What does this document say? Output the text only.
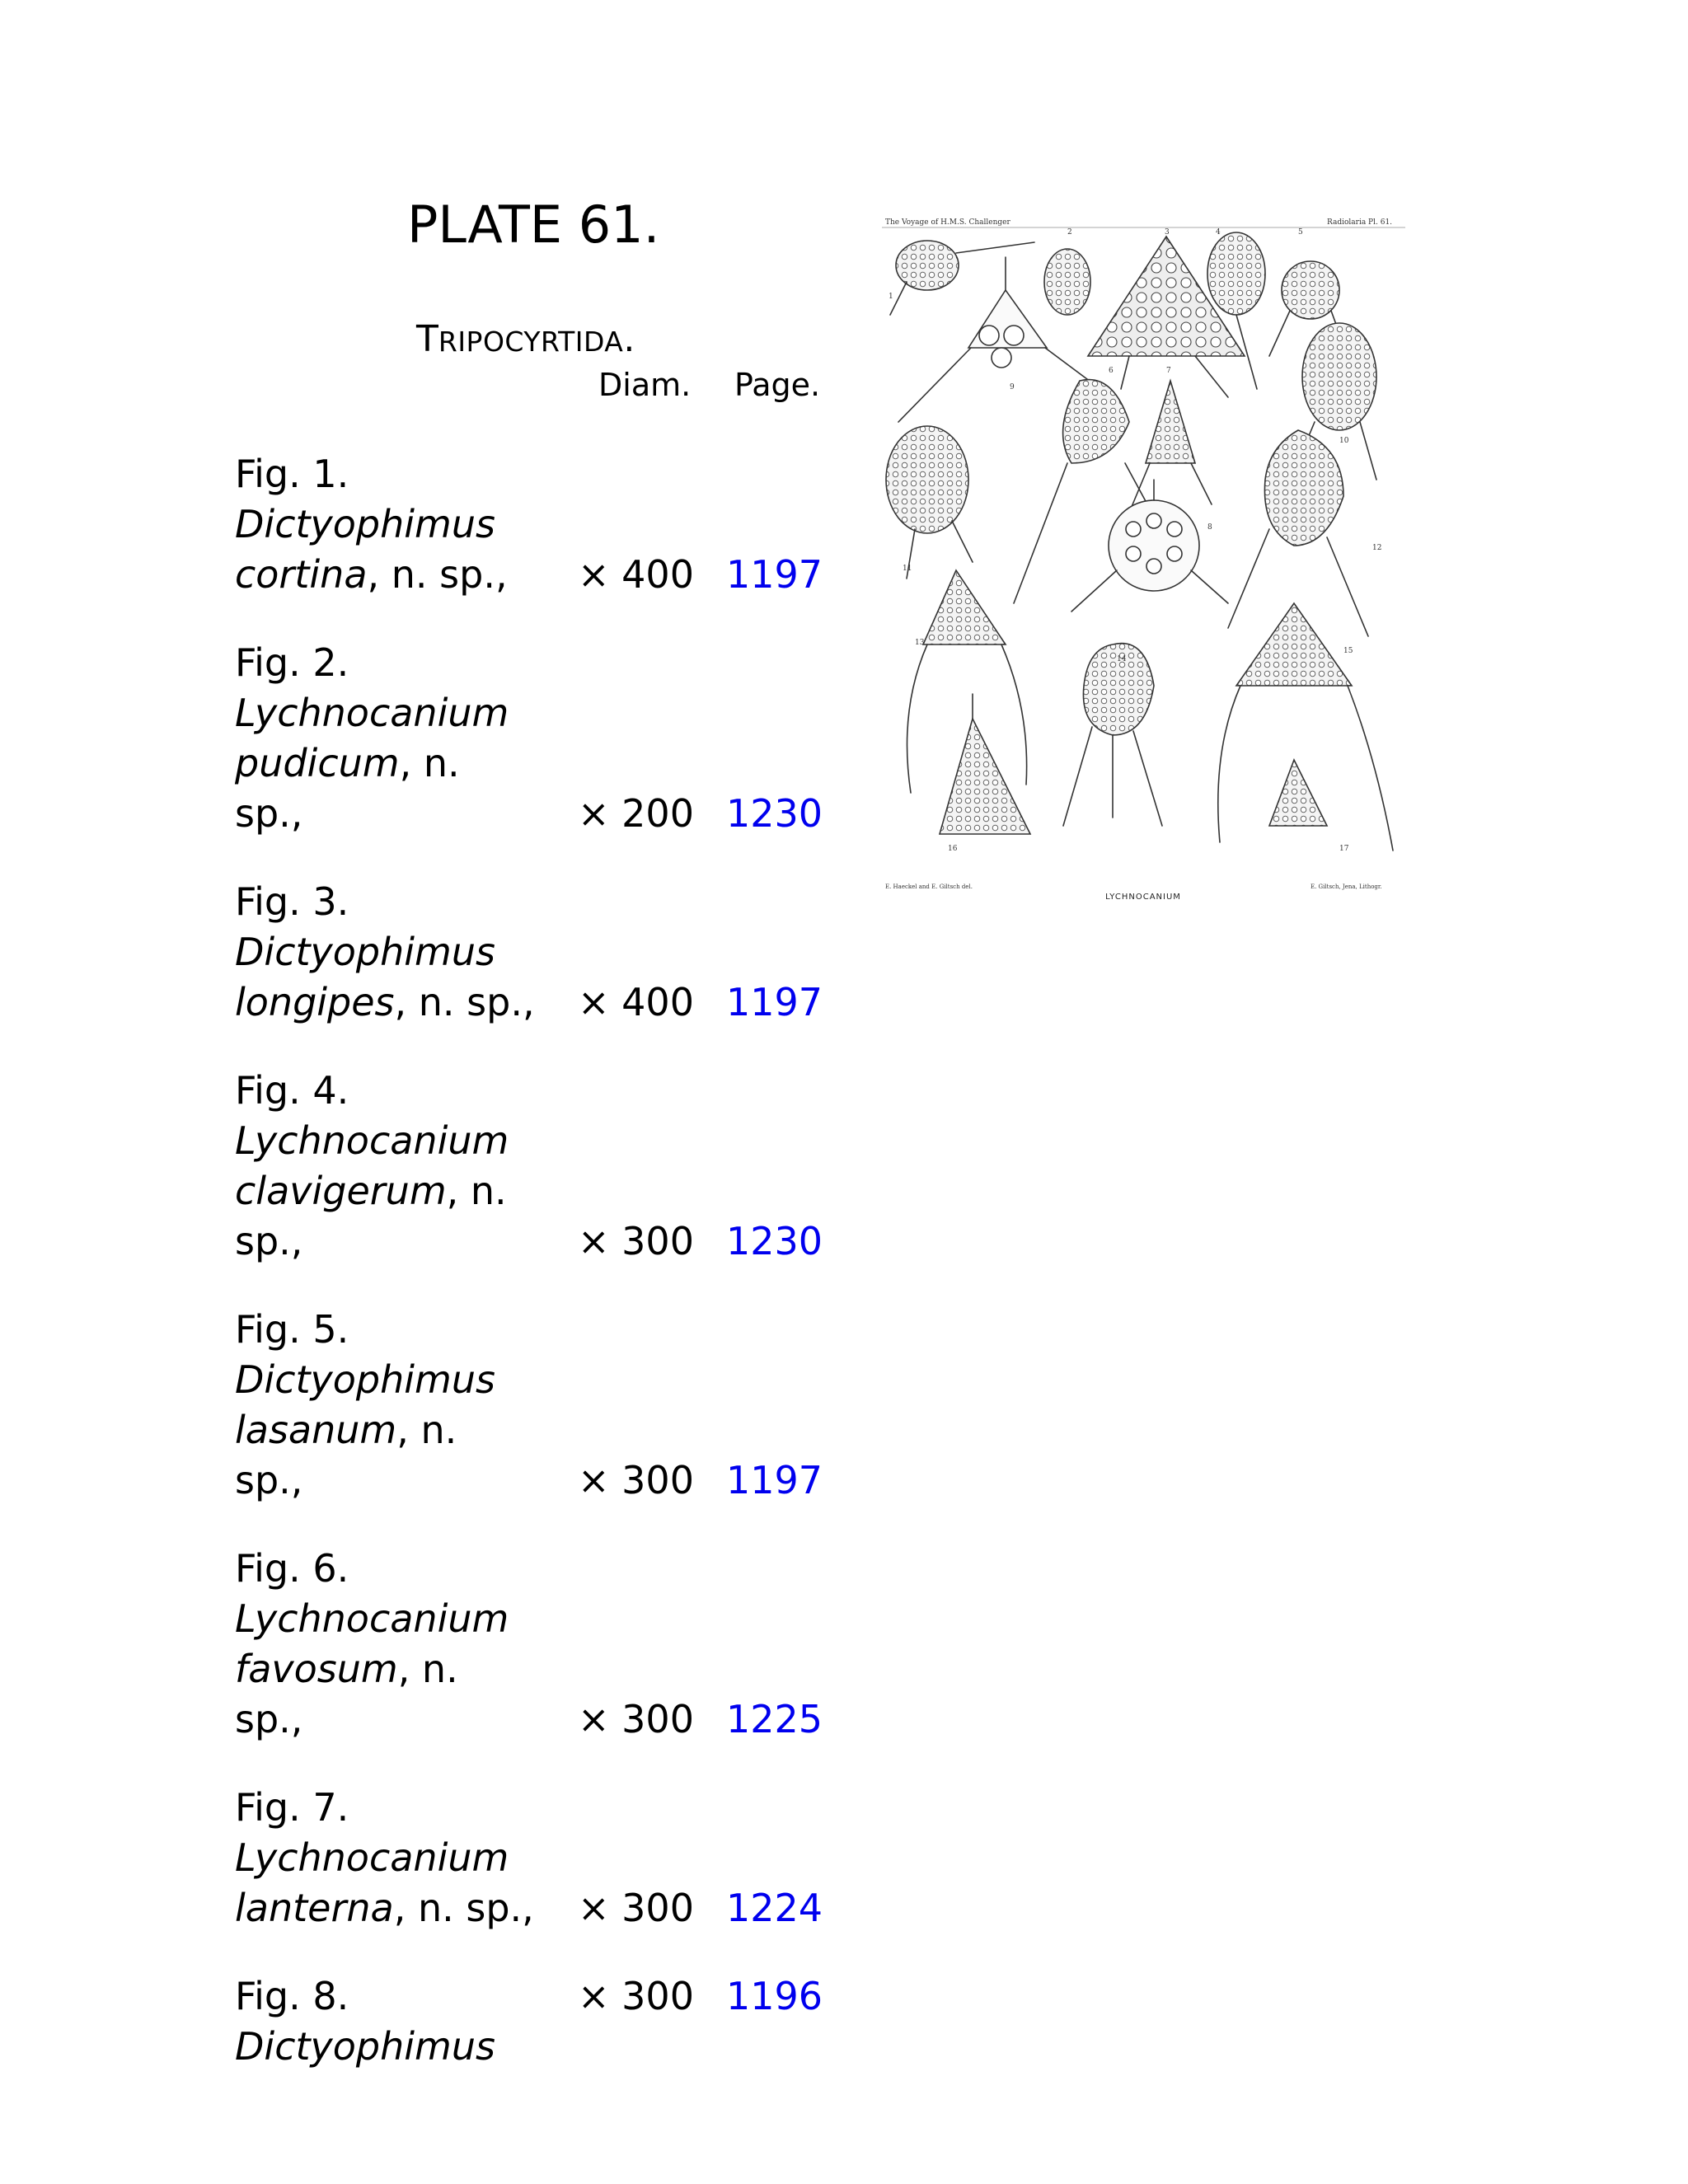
PLATE 61.
TRIPOCYRTIDA.
Diam. Page.
Fig. 1.
Dictyophimus
cortina, n. sp.,	× 400 1197
Fig. 2.
Lychnocanium
pudicum, n. sp.,	× 200 1230
Fig. 3.
Dictyophimus
longipes, n. sp., × 400 1197
Fig. 4.
Lychnocanium
clavigerum, n. sp.,	× 300 1230
Fig. 5.
Dictyophimus
lasanum, n. sp.,	× 300 1197
Fig. 6.
Lychnocanium
favosum, n. sp.,	× 300 1225
Fig. 7.
Lychnocanium
lanterna, n. sp., × 300 1224
Fig. 8.
Dictyophimus
× 300 1196
The Voyage of H.M.S. Challenger	Radiolaria Pl. 61.
1
2	3	4	5
6	7
8
9
10
11
12
13
14
15
16	17
E. Haeckel and E. Giltsch del.	E. Giltsch, Jena, Lithogr.
LYCHNOCANIUM
